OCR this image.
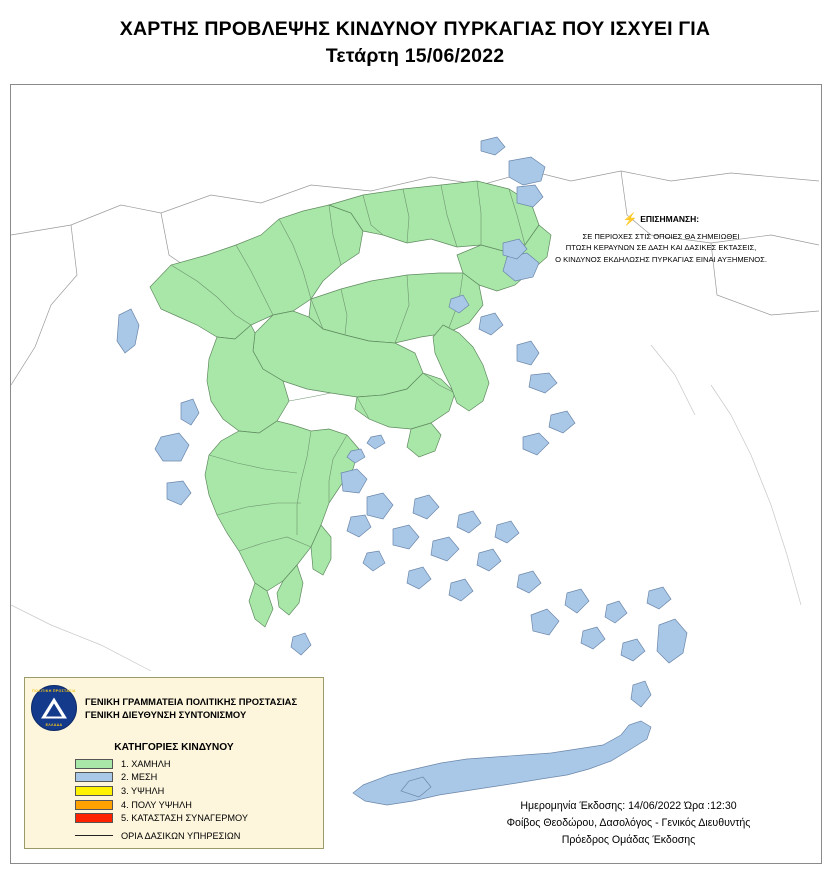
ΧΑΡΤΗΣ ΠΡΟΒΛΕΨΗΣ ΚΙΝΔΥΝΟΥ ΠΥΡΚΑΓΙΑΣ ΠΟΥ ΙΣΧΥΕΙ ΓΙΑ
Τετάρτη 15/06/2022
⚡ ΕΠΙΣΗΜΑΝΣΗ:
ΣΕ ΠΕΡΙΟΧΕΣ ΣΤΙΣ ΟΠΟΙΕΣ ΘΑ ΣΗΜΕΙΩΘΕΙ
ΠΤΩΣΗ ΚΕΡΑΥΝΩΝ ΣΕ ΔΑΣΗ ΚΑΙ ΔΑΣΙΚΕΣ ΕΚΤΑΣΕΙΣ,
Ο ΚΙΝΔΥΝΟΣ ΕΚΔΗΛΩΣΗΣ ΠΥΡΚΑΓΙΑΣ ΕΙΝΑΙ ΑΥΞΗΜΕΝΟΣ.
ΠΟΛΙΤΙΚΗ ΠΡΟΣΤΑΣΙΑ
ΕΛΛΑΔΑ
ΓΕΝΙΚΗ ΓΡΑΜΜΑΤΕΙΑ ΠΟΛΙΤΙΚΗΣ ΠΡΟΣΤΑΣΙΑΣ
ΓΕΝΙΚΗ ΔΙΕΥΘΥΝΣΗ ΣΥΝΤΟΝΙΣΜΟΥ
ΚΑΤΗΓΟΡΙΕΣ ΚΙΝΔΥΝΟΥ
1. ΧΑΜΗΛΗ
2. ΜΕΣΗ
3. ΥΨΗΛΗ
4. ΠΟΛΥ ΥΨΗΛΗ
5. ΚΑΤΑΣΤΑΣΗ ΣΥΝΑΓΕΡΜΟΥ
ΟΡΙΑ ΔΑΣΙΚΩΝ ΥΠΗΡΕΣΙΩΝ
Ημερομηνία Έκδοσης: 14/06/2022 Ώρα :12:30
Φοίβος Θεοδώρου, Δασολόγος - Γενικός Διευθυντής
Πρόεδρος Ομάδας Έκδοσης
